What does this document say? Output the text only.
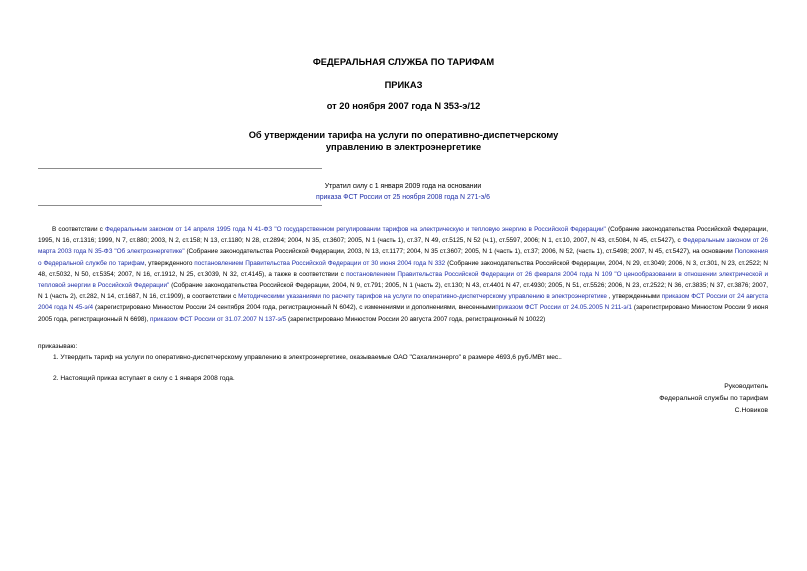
ФЕДЕРАЛЬНАЯ СЛУЖБА ПО ТАРИФАМ
ПРИКАЗ
от 20 ноября 2007 года N 353-э/12
Об утверждении тарифа на услуги по оперативно-диспетчерскому
управлению в электроэнергетике
Утратил силу с 1 января 2009 года на основании
приказа ФСТ России от 25 ноября 2008 года N 271-э/6

В соответствии с Федеральным законом от 14 апреля 1995 года N 41-ФЗ "О государственном регулировании тарифов на электрическую и тепловую энергию в Российской Федерации" (Собрание законодательства Российской Федерации, 1995, N 16, ст.1316; 1999, N 7, ст.880; 2003, N 2, ст.158; N 13, ст.1180; N 28, ст.2894; 2004, N 35, ст.3607; 2005, N 1 (часть 1), ст.37, N 49, ст.5125, N 52 (ч.1), ст.5597, 2006; N 1, ст.10, 2007, N 43, ст.5084, N 45, ст.5427), с Федеральным законом от 26 марта 2003 года N 35-ФЗ "Об электроэнергетике" (Собрание законодательства Российской Федерации, 2003, N 13, ст.1177; 2004, N 35 ст.3607; 2005, N 1 (часть 1), ст.37; 2006, N 52, (часть 1), ст.5498; 2007, N 45, ст.5427), на основании Положения о Федеральной службе по тарифам, утвержденного постановлением Правительства Российской Федерации от 30 июня 2004 года N 332 (Собрание законодательства Российской Федерации, 2004, N 29, ст.3049; 2006, N 3, ст.301, N 23, ст.2522; N 48, ст.5032, N 50, ст.5354; 2007, N 16, ст.1912, N 25, ст.3039, N 32, ст.4145), а также в соответствии с постановлением Правительства Российской Федерации от 26 февраля 2004 года N 109 "О ценообразовании в отношении электрической и тепловой энергии в Российской Федерации" (Собрание законодательства Российской Федерации, 2004, N 9, ст.791; 2005, N 1 (часть 2), ст.130; N 43, ст.4401 N 47, ст.4930; 2005, N 51, ст.5526; 2006, N 23, ст.2522; N 36, ст.3835; N 37, ст.3876; 2007, N 1 (часть 2), ст.282, N 14, ст.1687, N 16, ст.1909), в соответствии с Методическими указаниями по расчету тарифов на услуги по оперативно-диспетчерскому управлению в электроэнергетике , утвержденными приказом ФСТ России от 24 августа 2004 года N 45-э/4 (зарегистрировано Минюстом России 24 сентября 2004 года, регистрационный N 6042), с изменениями и дополнениями, внесеннымиприказом ФСТ России от 24.05.2005 N 211-э/1 (зарегистрировано Минюстом России 9 июня 2005 года, регистрационный N 6698), приказом ФСТ России от 31.07.2007 N 137-э/5 (зарегистрировано Минюстом России 20 августа 2007 года, регистрационный N 10022)

приказываю:
1. Утвердить тариф на услуги по оперативно-диспетчерскому управлению в электроэнергетике, оказываемые ОАО "Сахалинэнерго" в размере 4693,6 руб./МВт мес..
2. Настоящий приказ вступает в силу с 1 января 2008 года.
Руководитель
Федеральной службы по тарифам
С.Новиков
